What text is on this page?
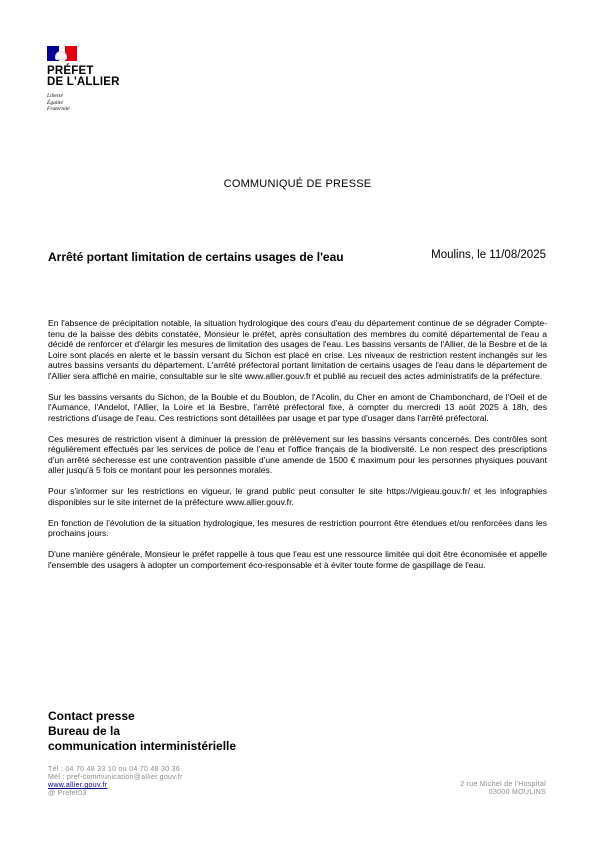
PRÉFET
DE L'ALLIER
Liberté
Égalité
Fraternité
COMMUNIQUÉ DE PRESSE
Arrêté portant limitation de certains usages de l'eau	Moulins, le 11/08/2025

En l'absence de précipitation notable, la situation hydrologique des cours d'eau du département continue de se dégrader Compte-tenu de la baisse des débits constatée, Monsieur le préfet, après consultation des membres du comité départemental de l'eau a décidé de renforcer et d'élargir les mesures de limitation des usages de l'eau. Les bassins versants de l'Allier, de la Besbre et de la Loire sont placés en alerte et le bassin versant du Sichon est placé en crise. Les niveaux de restriction restent inchangés sur les autres bassins versants du département. L'arrêté préfectoral portant limitation de certains usages de l'eau dans le département de l'Allier sera affiché en mairie, consultable sur le site www.allier.gouv.fr et publié au recueil des actes administratifs de la préfecture.

Sur les bassins versants du Sichon, de la Bouble et du Boublon, de l'Acolin, du Cher en amont de Chambonchard, de l'Oeil et de l'Aumance, l'Andelot, l'Allier, la Loire et la Besbre, l'arrêté préfectoral fixe, à compter du mercredi 13 août 2025 à 18h, des restrictions d'usage de l'eau. Ces restrictions sont détaillées par usage et par type d'usager dans l'arrêté préfectoral.

Ces mesures de restriction visent à diminuer la pression de prélèvement sur les bassins versants concernés. Des contrôles sont régulièrement effectués par les services de police de l'eau et l'office français de la biodiversité. Le non respect des prescriptions d'un arrêté sécheresse est une contravention passible d'une amende de 1500 € maximum pour les personnes physiques pouvant aller jusqu'à 5 fois ce montant pour les personnes morales.

Pour s'informer sur les restrictions en vigueur, le grand public peut consulter le site https://vigieau.gouv.fr/ et les infographies disponibles sur le site internet de la préfecture www.allier.gouv.fr.

En fonction de l'évolution de la situation hydrologique, les mesures de restriction pourront être étendues et/ou renforcées dans les prochains jours.

D'une manière générale, Monsieur le préfet rappelle à tous que l'eau est une ressource limitée qui doit être économisée et appelle l'ensemble des usagers à adopter un comportement éco-responsable et à éviter toute forme de gaspillage de l'eau.

Contact presse
Bureau de la
communication interministérielle
Tél : 04 70 48 33 10 ou 04 70 48 30 36
Mél : pref-communication@allier.gouv.fr
www.allier.gouv.fr
@ Prefet03
2 rue Michel de l'Hospital
03000 MOULINS
